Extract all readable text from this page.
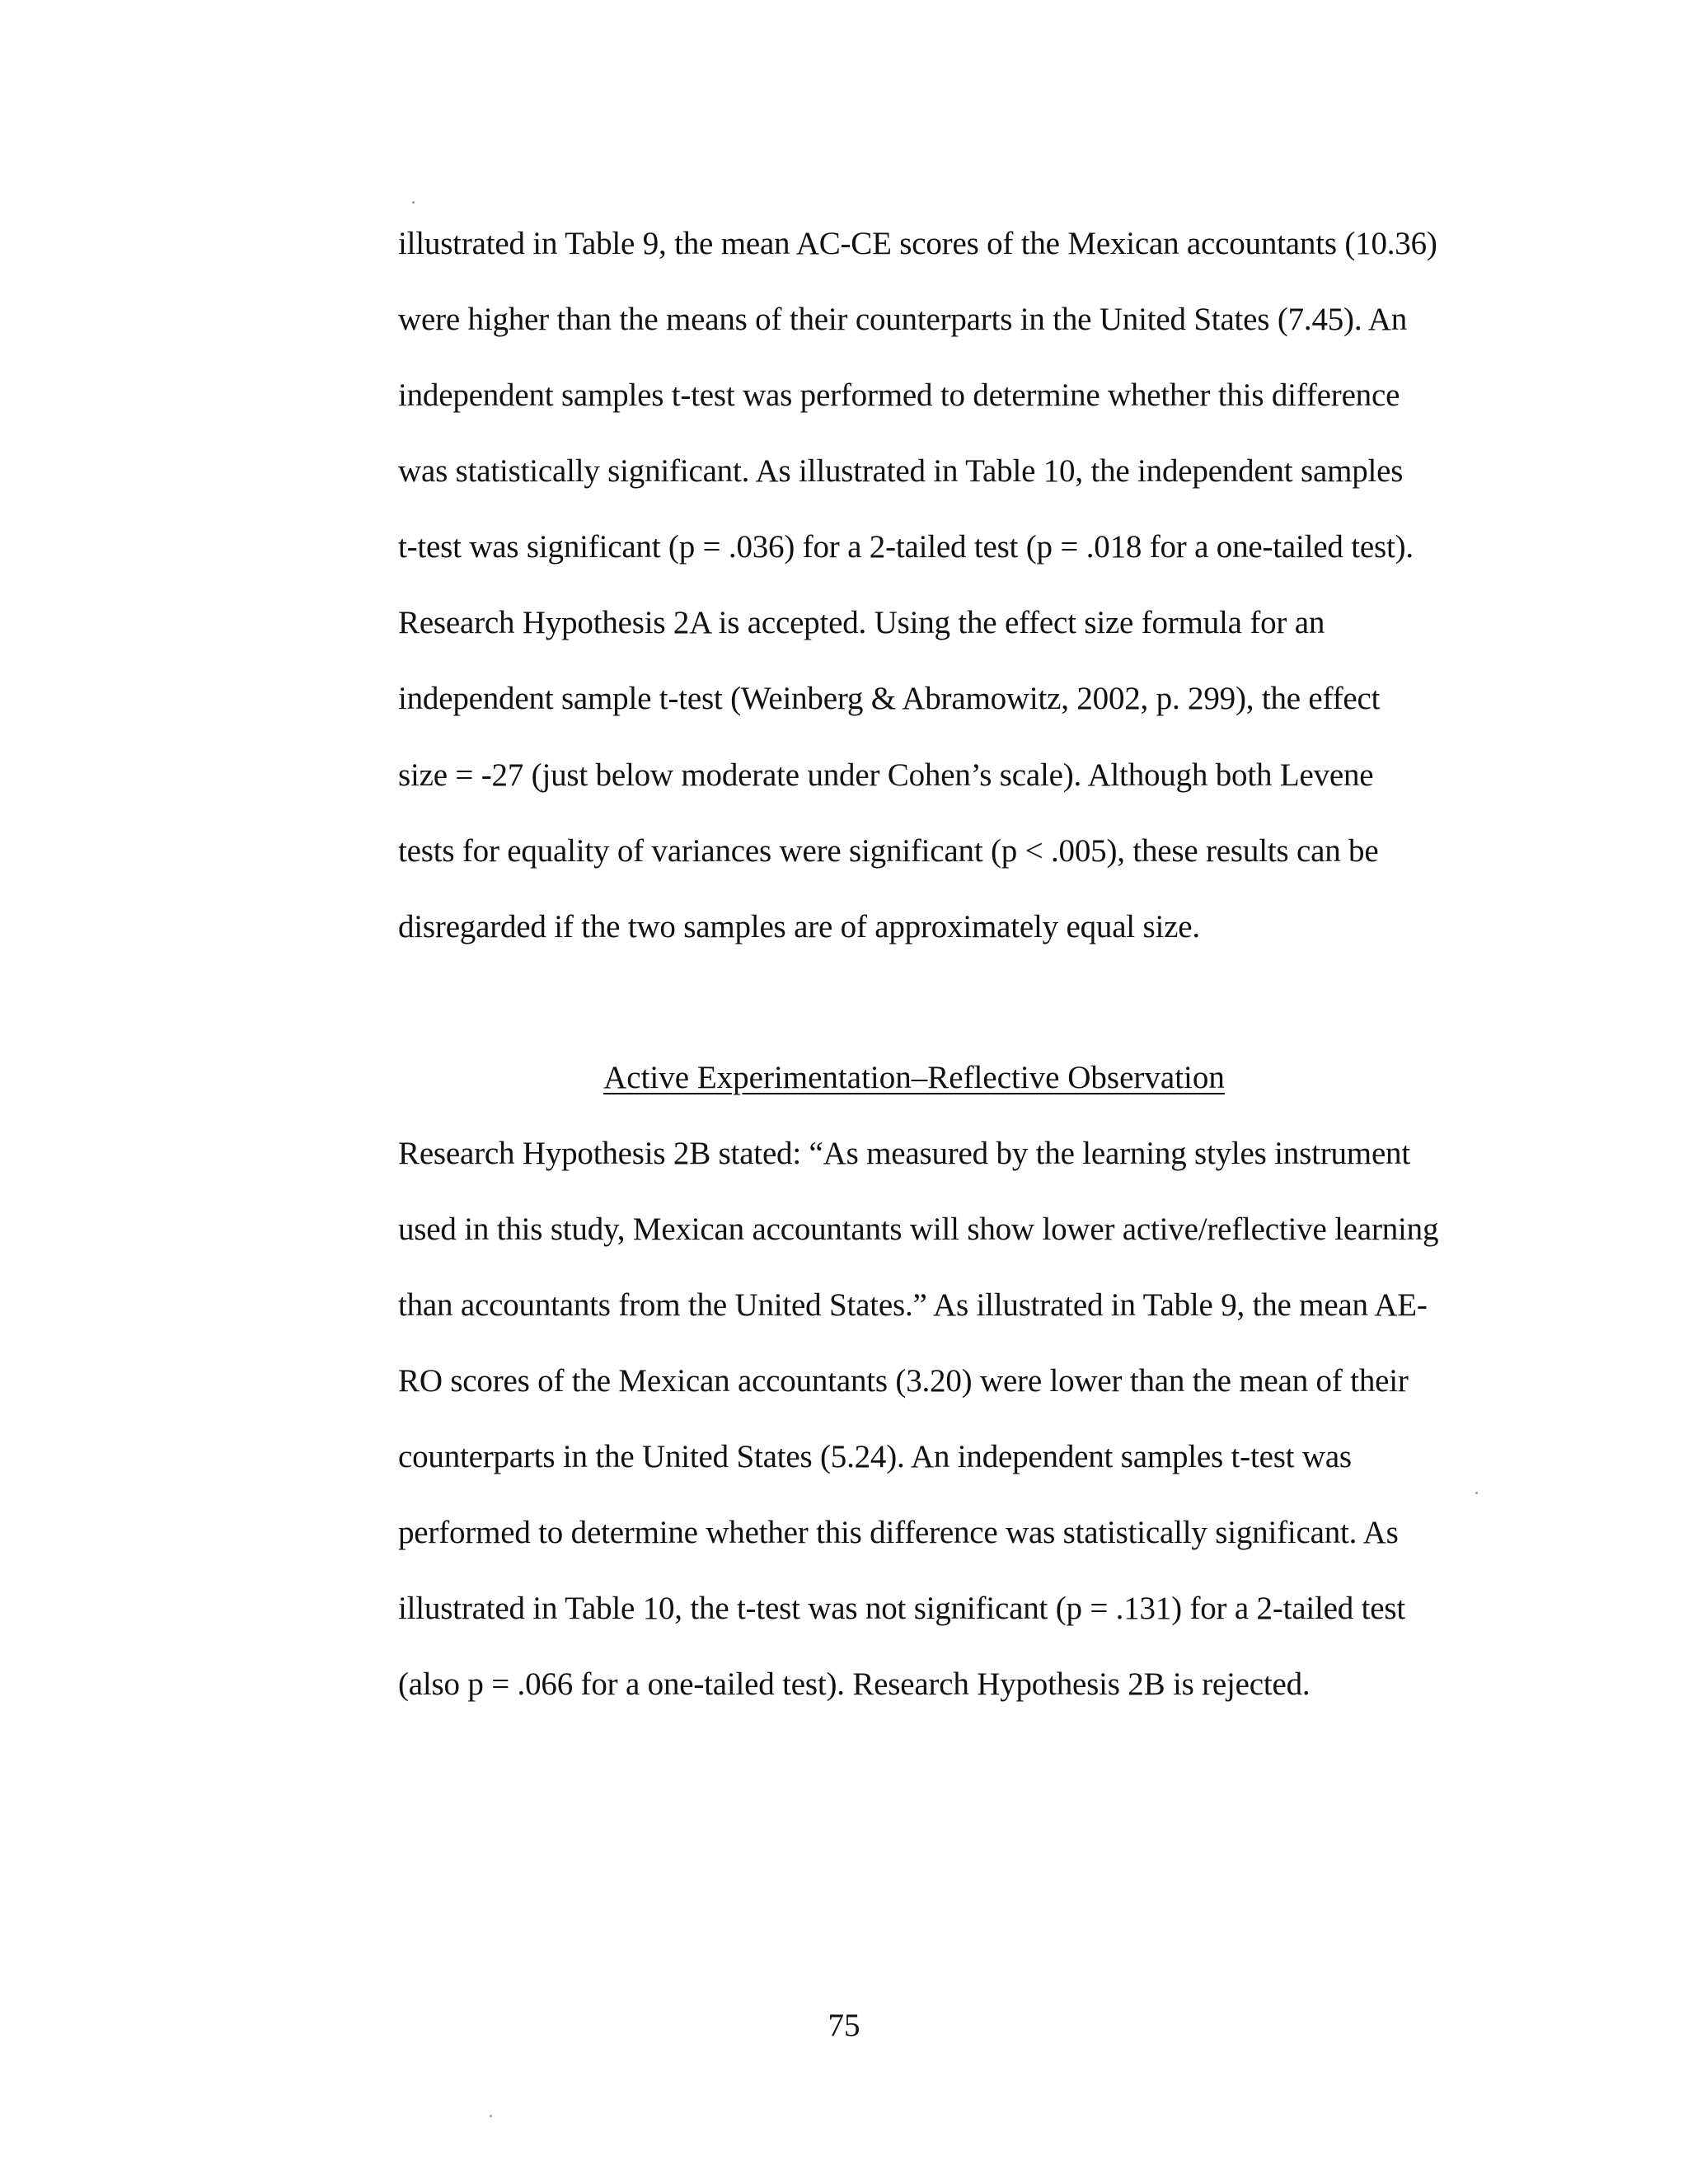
illustrated in Table 9, the mean AC-CE scores of the Mexican accountants (10.36)
were higher than the means of their counterparts in the United States (7.45). An
independent samples t-test was performed to determine whether this difference
was statistically significant. As illustrated in Table 10, the independent samples
t-test was significant (p = .036) for a 2-tailed test (p = .018 for a one-tailed test).
Research Hypothesis 2A is accepted. Using the effect size formula for an
independent sample t-test (Weinberg & Abramowitz, 2002, p. 299), the effect
size = -27 (just below moderate under Cohen’s scale). Although both Levene
tests for equality of variances were significant (p < .005), these results can be
disregarded if the two samples are of approximately equal size.
Active Experimentation–Reflective Observation
Research Hypothesis 2B stated: “As measured by the learning styles instrument
used in this study, Mexican accountants will show lower active/reflective learning
than accountants from the United States.” As illustrated in Table 9, the mean AE-
RO scores of the Mexican accountants (3.20) were lower than the mean of their
counterparts in the United States (5.24). An independent samples t-test was
performed to determine whether this difference was statistically significant. As
illustrated in Table 10, the t-test was not significant (p = .131) for a 2-tailed test
(also p = .066 for a one-tailed test). Research Hypothesis 2B is rejected.
75
